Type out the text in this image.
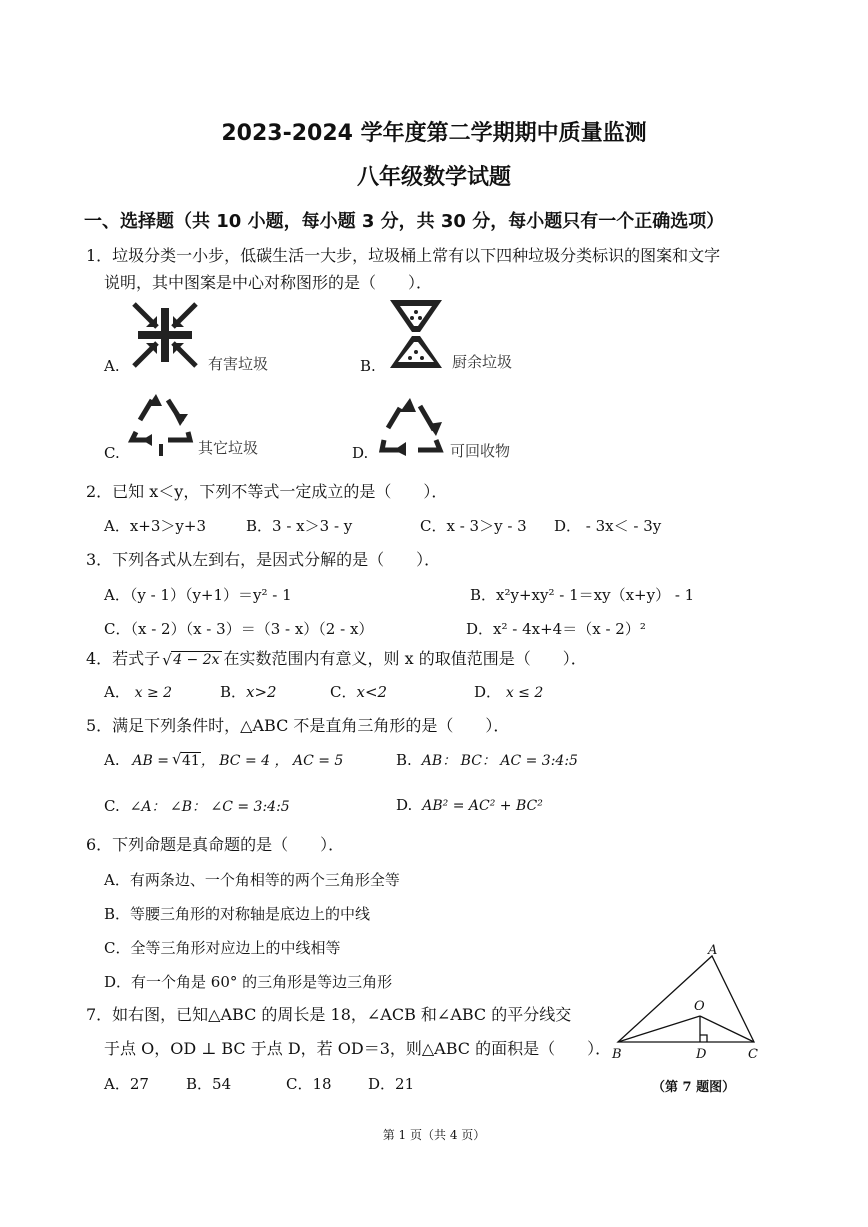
2023-2024 学年度第二学期期中质量监测
八年级数学试题
一、选择题（共 10 小题，每小题 3 分，共 30 分，每小题只有一个正确选项）
1．垃圾分类一小步，低碳生活一大步，垃圾桶上常有以下四种垃圾分类标识的图案和文字
说明，其中图案是中心对称图形的是（　　）．
A.	有害垃圾	B.	厨余垃圾
C.	其它垃圾	D.	可回收物
2．已知 x＜y，下列不等式一定成立的是（　　）．
A．x+3＞y+3	B．3 - x＞3 - y	C．x - 3＞y - 3 D． - 3x＜ - 3y
3．下列各式从左到右，是因式分解的是（　　）．
A．（y - 1）（y+1）＝y² - 1	B．x²y+xy² - 1＝xy（x+y） - 1
C．（x - 2）（x - 3）＝（3 - x）（2 - x）	D．x² - 4x+4＝（x - 2）²
4．若式子 √ 4 − 2x 在实数范围内有意义，则 x 的取值范围是（　　）．
A． x ≥ 2	B．x>2	C．x<2	D． x ≤ 2
5．满足下列条件时，△ABC 不是直角三角形的是（　　）．
A. AB = √ 41， BC = 4 ， AC = 5	B. AB： BC： AC = 3:4:5
C. ∠A： ∠B： ∠C = 3:4:5	D. AB² = AC² + BC²
6．下列命题是真命题的是（　　）．
A．有两条边、一个角相等的两个三角形全等
B．等腰三角形的对称轴是底边上的中线
C．全等三角形对应边上的中线相等
D．有一个角是 60° 的三角形是等边三角形
7．如右图，已知△ABC 的周长是 18，∠ACB 和∠ABC 的平分线交
于点 O，OD ⊥ BC 于点 D，若 OD＝3，则△ABC 的面积是（　　）．
A．27 B．54	C．18 D．21
A
O
B	D	C
（第 7 题图）
第 1 页（共 4 页）
